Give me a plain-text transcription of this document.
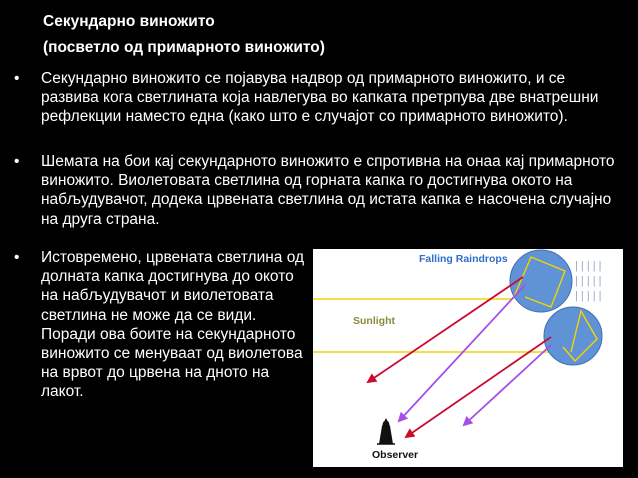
Секундарно виножито
(посветло од примарното виножито)
• Секундарно виножито се појавува надвор од примарното виножито, и се развива кога светлината која навлегува во капката претрпува две внатрешни рефлекции наместо една (како што е случајот со примарното виножито).
• Шемата на бои кај секундарното виножито е спротивна на онаа кај примарното виножито. Виолетовата светлина од горната капка го достигнува окото на набљудувачот, додека црвената светлина од истата капка е насочена случајно на друга страна.
• Истовремено, црвената светлина од долната капка достигнува до окото на набљудувачот и виолетовата светлина не може да се види. Поради ова боите на секундарното виножито се менуваат од виолетова на врвот до црвена на дното на лакот.
| | | | |
| | | | |
| | | | |
Falling Raindrops
Sunlight
Observer
